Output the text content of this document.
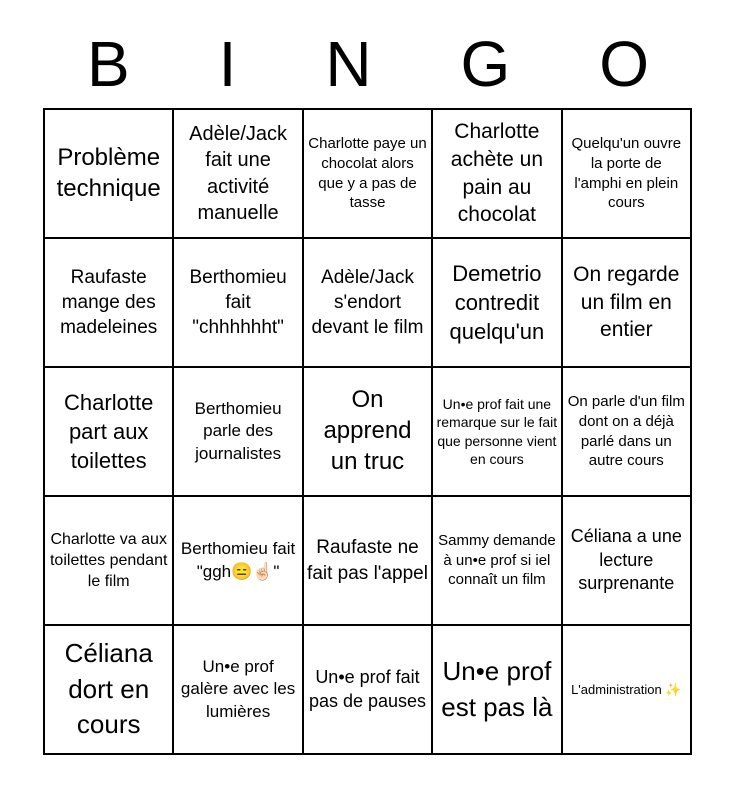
B I N G O
Problème technique
Adèle/Jack fait une activité manuelle
Charlotte paye un chocolat alors que y a pas de tasse
Charlotte achète un pain au chocolat
Quelqu'un ouvre la porte de l'amphi en plein cours
Raufaste mange des madeleines
Berthomieu fait "chhhhhht"
Adèle/Jack s'endort devant le film
Demetrio contredit quelqu'un
On regarde un film en entier
Charlotte part aux toilettes
Berthomieu parle des journalistes
On apprend un truc
Un•e prof fait une remarque sur le fait que personne vient en cours
On parle d'un film dont on a déjà parlé dans un autre cours
Charlotte va aux toilettes pendant le film
Berthomieu fait "ggh😑☝🏻"
Raufaste ne fait pas l'appel
Sammy demande à un•e prof si iel connaît un film
Céliana a une lecture surprenante
Céliana dort en cours
Un•e prof galère avec les lumières
Un•e prof fait pas de pauses
Un•e prof est pas là
L'administration ✨
